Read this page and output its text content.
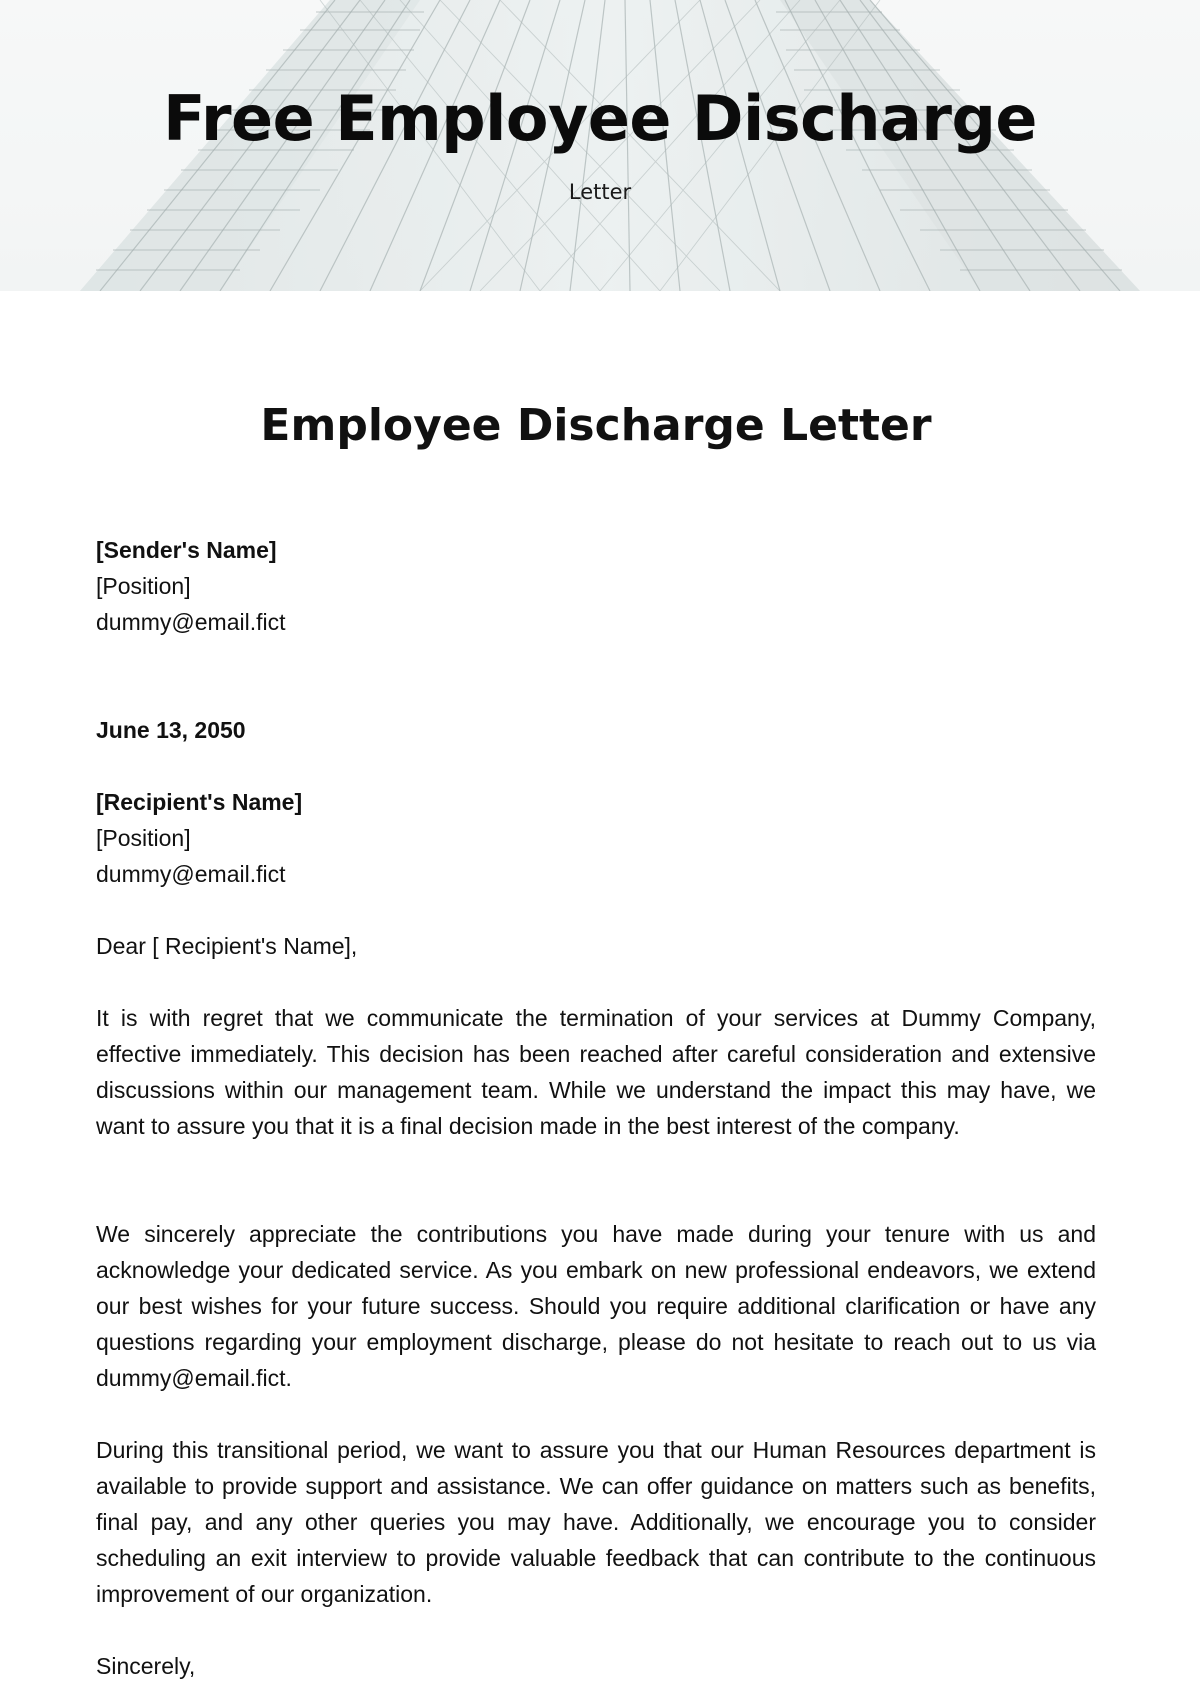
Free Employee Discharge
Letter
Employee Discharge Letter
[Sender's Name]
[Position]
dummy@email.fict
June 13, 2050
[Recipient's Name]
[Position]
dummy@email.fict
Dear [ Recipient's Name],

It is with regret that we communicate the termination of your services at Dummy Company, effective immediately. This decision has been reached after careful consideration and extensive discussions within our management team. While we understand the impact this may have, we want to assure you that it is a final decision made in the best interest of the company.

We sincerely appreciate the contributions you have made during your tenure with us and acknowledge your dedicated service. As you embark on new professional endeavors, we extend our best wishes for your future success. Should you require additional clarification or have any questions regarding your employment discharge, please do not hesitate to reach out to us via dummy@email.fict.

During this transitional period, we want to assure you that our Human Resources department is available to provide support and assistance. We can offer guidance on matters such as benefits, final pay, and any other queries you may have. Additionally, we encourage you to consider scheduling an exit interview to provide valuable feedback that can contribute to the continuous improvement of our organization.

Sincerely,
